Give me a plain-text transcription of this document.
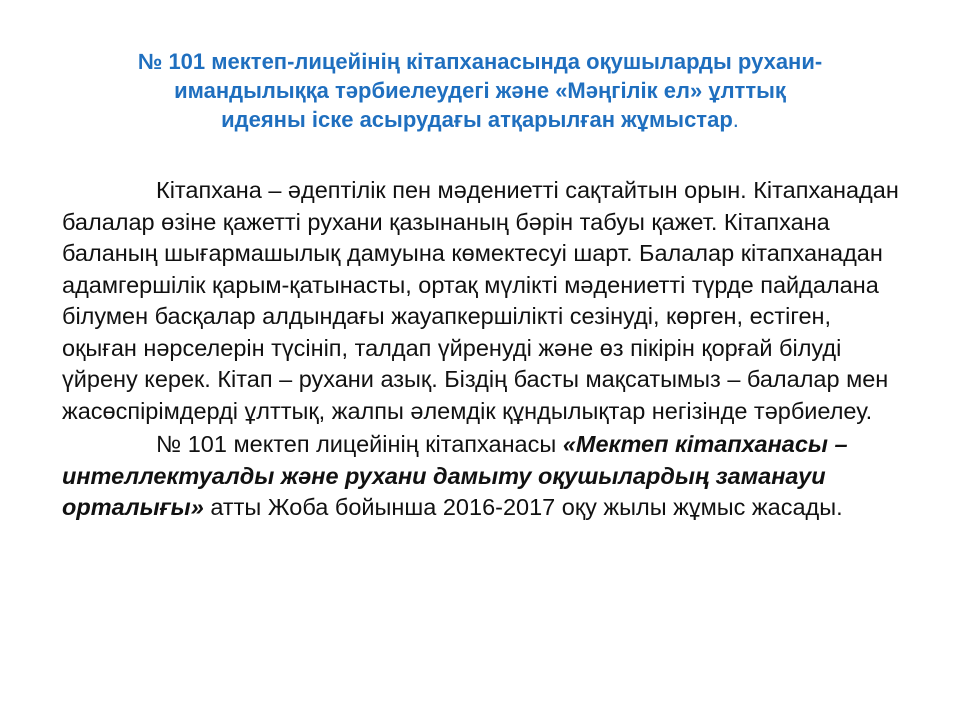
№ 101 мектеп-лицейінің кітапханасында оқушыларды рухани-
имандылыққа тәрбиелеудегі және «Мәңгілік ел» ұлттық
идеяны іске асырудағы атқарылған жұмыстар.

Кітапхана – әдептілік пен мәдениетті сақтайтын орын. Кітапханадан балалар өзіне қажетті рухани қазынаның бәрін табуы қажет. Кітапхана баланың шығармашылық дамуына көмектесуі шарт. Балалар кітапханадан адамгершілік қарым-қатынасты, ортақ мүлікті мәдениетті түрде пайдалана білумен басқалар алдындағы жауапкершілікті сезінуді, көрген, естіген, оқыған нәрселерін түсініп, талдап үйренуді және өз пікірін қорғай білуді үйрену керек. Кітап – рухани азық. Біздің басты мақсатымыз – балалар мен жасөспірімдерді ұлттық, жалпы әлемдік құндылықтар негізінде тәрбиелеу.

№ 101 мектеп лицейінің кітапханасы «Мектеп кітапханасы – интеллектуалды және рухани дамыту оқушылардың заманауи орталығы» атты Жоба бойынша 2016-2017 оқу жылы жұмыс жасады.
